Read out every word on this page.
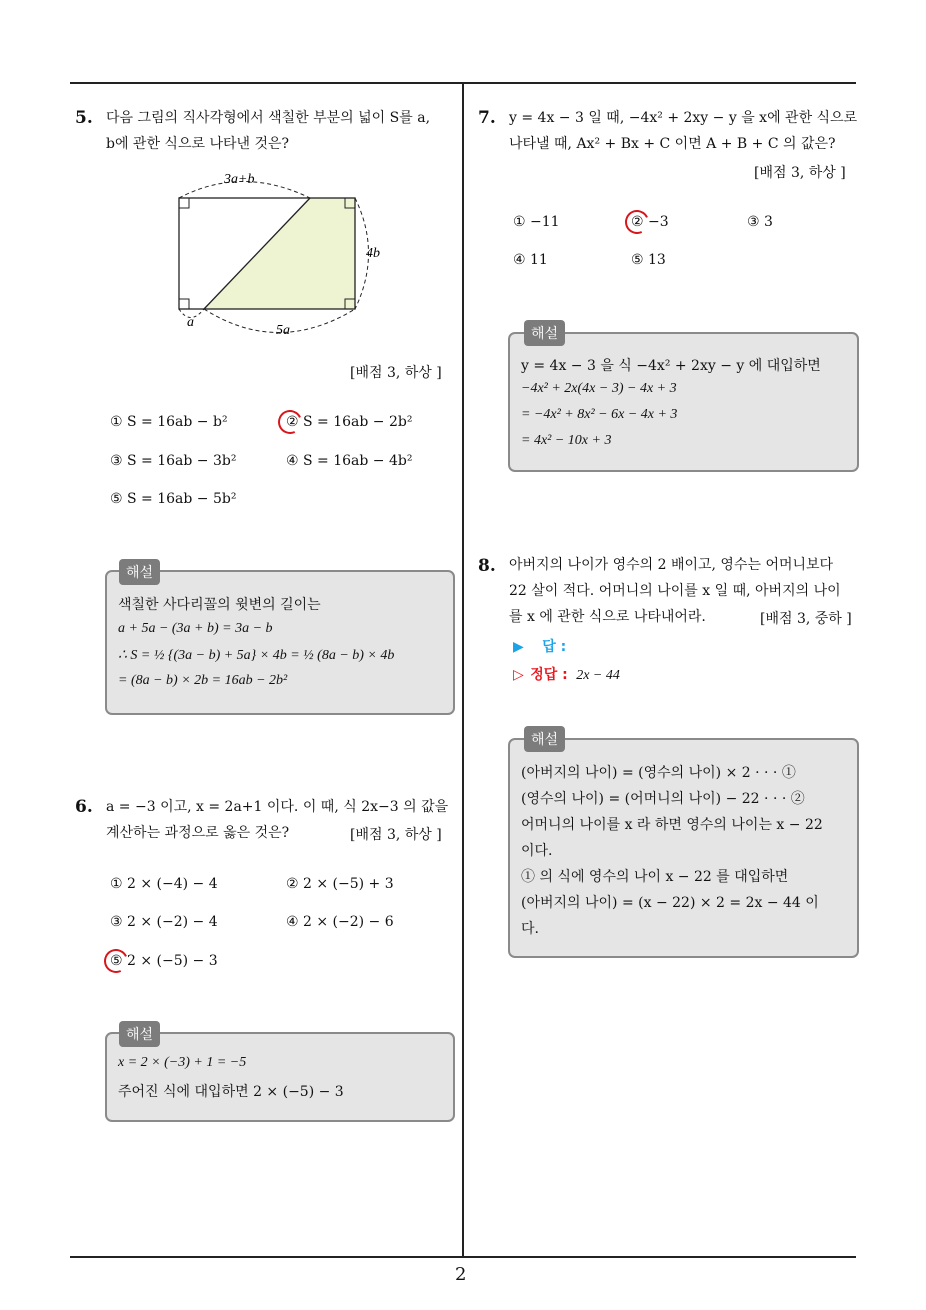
2
5. 다음 그림의 직사각형에서 색칠한 부분의 넓이 S를 a,
b에 관한 식으로 나타낸 것은?
3a+b
4b
a
5a
[배점 3, 하상 ]
① S = 16ab − b²	② S = 16ab − 2b²
③ S = 16ab − 3b²	④ S = 16ab − 4b²
⑤ S = 16ab − 5b²
해설
색칠한 사다리꼴의 윗변의 길이는
a + 5a − (3a + b) = 3a − b
∴ S = ½ {(3a − b) + 5a} × 4b = ½ (8a − b) × 4b
= (8a − b) × 2b = 16ab − 2b²
6. a = −3 이고, x = 2a+1 이다. 이 때, 식 2x−3 의 값을
계산하는 과정으로 옳은 것은?	[배점 3, 하상 ]
① 2 × (−4) − 4	② 2 × (−5) + 3
③ 2 × (−2) − 4	④ 2 × (−2) − 6
⑤ 2 × (−5) − 3
해설
x = 2 × (−3) + 1 = −5
주어진 식에 대입하면 2 × (−5) − 3
7. y = 4x − 3 일 때, −4x² + 2xy − y 을 x에 관한 식으로
나타낼 때, Ax² + Bx + C 이면 A + B + C 의 값은?
[배점 3, 하상 ]
① −11	② −3	③ 3
④ 11	⑤ 13
해설
y = 4x − 3 을 식 −4x² + 2xy − y 에 대입하면
−4x² + 2x(4x − 3) − 4x + 3
= −4x² + 8x² − 6x − 4x + 3
= 4x² − 10x + 3
8. 아버지의 나이가 영수의 2 배이고, 영수는 어머니보다
22 살이 적다. 어머니의 나이를 x 일 때, 아버지의 나이
를 x 에 관한 식으로 나타내어라.	[배점 3, 중하 ]
▶ 답 :
▷ 정답 : 2x − 44
해설
(아버지의 나이) = (영수의 나이) × 2 · · · ①
(영수의 나이) = (어머니의 나이) − 22 · · · ②
어머니의 나이를 x 라 하면 영수의 나이는 x − 22
이다.
① 의 식에 영수의 나이 x − 22 를 대입하면
(아버지의 나이) = (x − 22) × 2 = 2x − 44 이
다.
